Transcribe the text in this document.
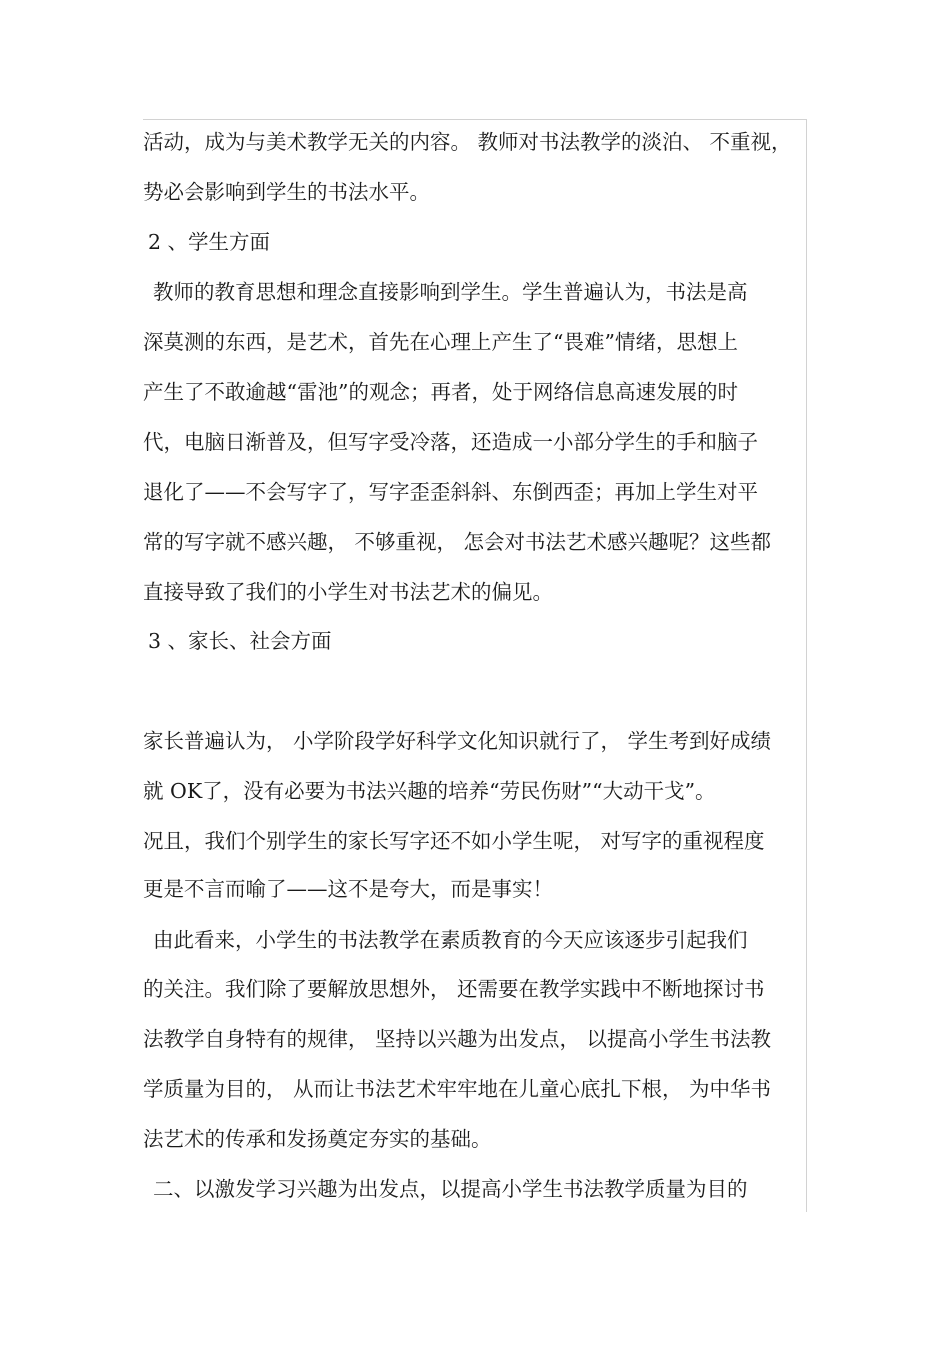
活动，成为与美术教学无关的内容。 教师对书法教学的淡泊、 不重视，
势必会影响到学生的书法水平。
2 、学生方面
教师的教育思想和理念直接影响到学生。学生普遍认为，书法是高
深莫测的东西，是艺术，首先在心理上产生了“畏难”情绪，思想上
产生了不敢逾越“雷池”的观念；再者，处于网络信息高速发展的时
代，电脑日渐普及，但写字受冷落，还造成一小部分学生的手和脑子
退化了——不会写字了，写字歪歪斜斜、东倒西歪；再加上学生对平
常的写字就不感兴趣， 不够重视， 怎会对书法艺术感兴趣呢？这些都
直接导致了我们的小学生对书法艺术的偏见。
3 、家长、社会方面
家长普遍认为， 小学阶段学好科学文化知识就行了， 学生考到好成绩
就 OK了，没有必要为书法兴趣的培养“劳民伤财”“大动干戈”。
况且，我们个别学生的家长写字还不如小学生呢， 对写字的重视程度
更是不言而喻了——这不是夸大，而是事实！
由此看来，小学生的书法教学在素质教育的今天应该逐步引起我们
的关注。我们除了要解放思想外， 还需要在教学实践中不断地探讨书
法教学自身特有的规律， 坚持以兴趣为出发点， 以提高小学生书法教
学质量为目的， 从而让书法艺术牢牢地在儿童心底扎下根， 为中华书
法艺术的传承和发扬奠定夯实的基础。
二、以激发学习兴趣为出发点，以提高小学生书法教学质量为目的
